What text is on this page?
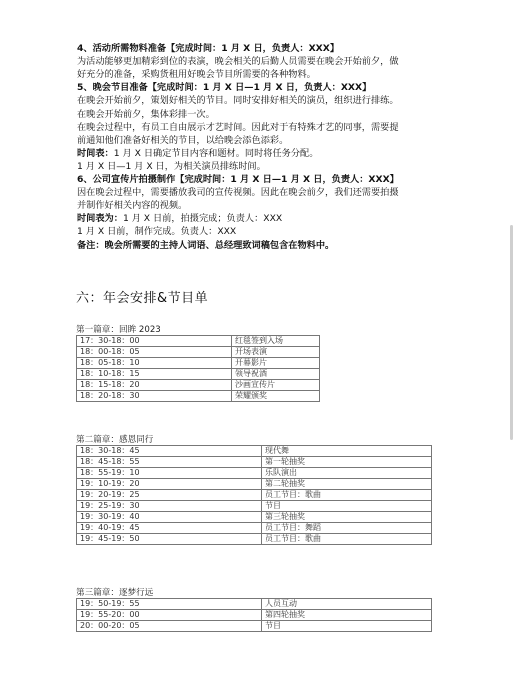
4、活动所需物料准备【完成时间：1 月 X 日，负责人：XXX】
为活动能够更加精彩到位的表演，晚会相关的后勤人员需要在晚会开始前夕，做
好充分的准备，采购货租用好晚会节目所需要的各种物料。
5、晚会节目准备【完成时间：1 月 X 日—1 月 X 日，负责人：XXX】
在晚会开始前夕，策划好相关的节目。同时安排好相关的演员，组织进行排练。
在晚会开始前夕，集体彩排一次。
在晚会过程中，有员工自由展示才艺时间。因此对于有特殊才艺的同事，需要提
前通知他们准备好相关的节目，以给晚会添色添彩。
时间表：1 月 X 日确定节目内容和题材。同时将任务分配。
1 月 X 日—1 月 X 日，为相关演员排练时间。
6、公司宣传片拍摄制作【完成时间：1 月 X 日—1 月 X 日，负责人：XXX】
因在晚会过程中，需要播放我司的宣传视频。因此在晚会前夕，我们还需要拍摄
并制作好相关内容的视频。
时间表为：1 月 X 日前，拍摄完成；负责人：XXX
1 月 X 日前，制作完成。负责人：XXX
备注：晚会所需要的主持人词语、总经理致词稿包含在物料中。
六：年会安排&节目单
第一篇章：回眸 2023
17：30-18：00	红毯签到入场
18：00-18：05	开场表演
18：05-18：10	开幕影片
18：10-18：15	领导祝酒
18：15-18：20	沙画宣传片
18：20-18：30	荣耀颁奖
第二篇章：感恩同行
18：30-18：45	现代舞
18：45-18：55	第一轮抽奖
18：55-19：10	乐队演出
19：10-19：20	第二轮抽奖
19：20-19：25	员工节目：歌曲
19：25-19：30	节目
19：30-19：40	第三轮抽奖
19：40-19：45	员工节目：舞蹈
19：45-19：50	员工节目：歌曲
第三篇章：逐梦行远
19：50-19：55	人员互动
19：55-20：00	第四轮抽奖
20：00-20：05	节目
